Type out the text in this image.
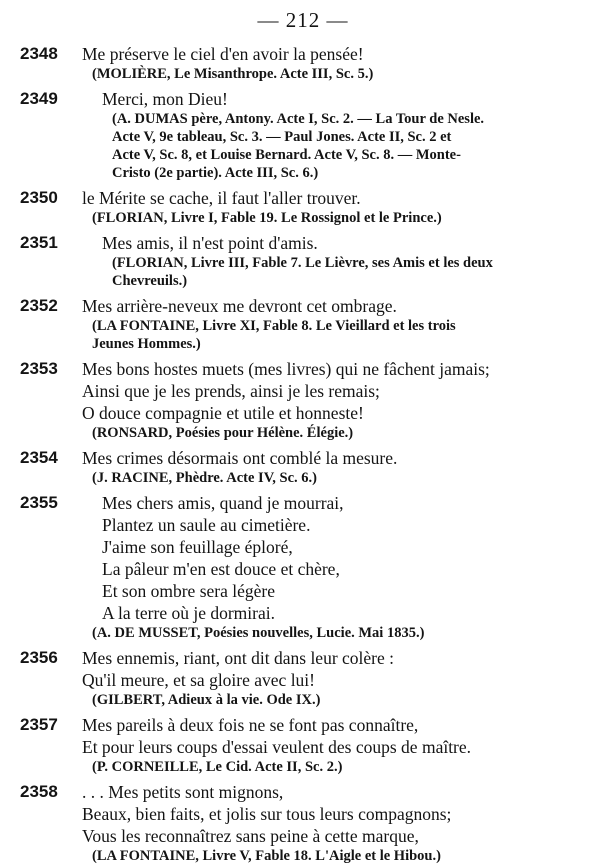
— 212 —
2348 Me préserve le ciel d'en avoir la pensée!
(MOLIÈRE, Le Misanthrope. Acte III, Sc. 5.)
2349	Merci, mon Dieu!
(A. DUMAS père, Antony. Acte I, Sc. 2. — La Tour de Nesle.
Acte V, 9e tableau, Sc. 3. — Paul Jones. Acte II, Sc. 2 et
Acte V, Sc. 8, et Louise Bernard. Acte V, Sc. 8. — Monte-
Cristo (2e partie). Acte III, Sc. 6.)
2350 le Mérite se cache, il faut l'aller trouver.
(FLORIAN, Livre I, Fable 19. Le Rossignol et le Prince.)
2351	Mes amis, il n'est point d'amis.
(FLORIAN, Livre III, Fable 7. Le Lièvre, ses Amis et les deux
Chevreuils.)
2352 Mes arrière-neveux me devront cet ombrage.
(LA FONTAINE, Livre XI, Fable 8. Le Vieillard et les trois
Jeunes Hommes.)
2353 Mes bons hostes muets (mes livres) qui ne fâchent jamais;
Ainsi que je les prends, ainsi je les remais;
O douce compagnie et utile et honneste!
(RONSARD, Poésies pour Hélène. Élégie.)
2354 Mes crimes désormais ont comblé la mesure.
(J. RACINE, Phèdre. Acte IV, Sc. 6.)
2355	Mes chers amis, quand je mourrai,
Plantez un saule au cimetière.
J'aime son feuillage éploré,
La pâleur m'en est douce et chère,
Et son ombre sera légère
A la terre où je dormirai.
(A. DE MUSSET, Poésies nouvelles, Lucie. Mai 1835.)
2356 Mes ennemis, riant, ont dit dans leur colère :
Qu'il meure, et sa gloire avec lui!
(GILBERT, Adieux à la vie. Ode IX.)
2357 Mes pareils à deux fois ne se font pas connaître,
Et pour leurs coups d'essai veulent des coups de maître.
(P. CORNEILLE, Le Cid. Acte II, Sc. 2.)
2358 . . . Mes petits sont mignons,
Beaux, bien faits, et jolis sur tous leurs compagnons;
Vous les reconnaîtrez sans peine à cette marque,
(LA FONTAINE, Livre V, Fable 18. L'Aigle et le Hibou.)
